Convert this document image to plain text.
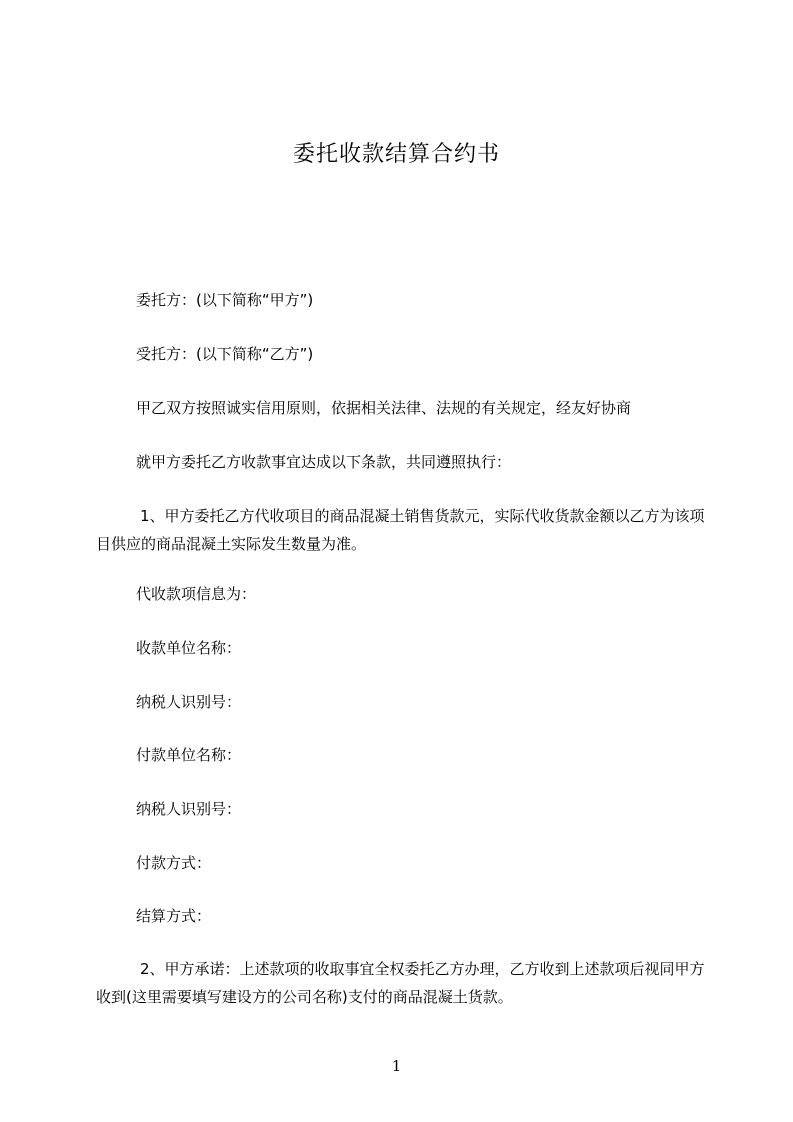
委托收款结算合约书
委托方：(以下简称“甲方”)
受托方：(以下简称“乙方”)
甲乙双方按照诚实信用原则，依据相关法律、法规的有关规定，经友好协商
就甲方委托乙方收款事宜达成以下条款，共同遵照执行：
1、甲方委托乙方代收项目的商品混凝土销售货款元，实际代收货款金额以乙方为该项目供应的商品混凝土实际发生数量为准。
代收款项信息为：
收款单位名称：
纳税人识别号：
付款单位名称：
纳税人识别号：
付款方式：
结算方式：
2、甲方承诺：上述款项的收取事宜全权委托乙方办理，乙方收到上述款项后视同甲方收到(这里需要填写建设方的公司名称)支付的商品混凝土货款。
1
